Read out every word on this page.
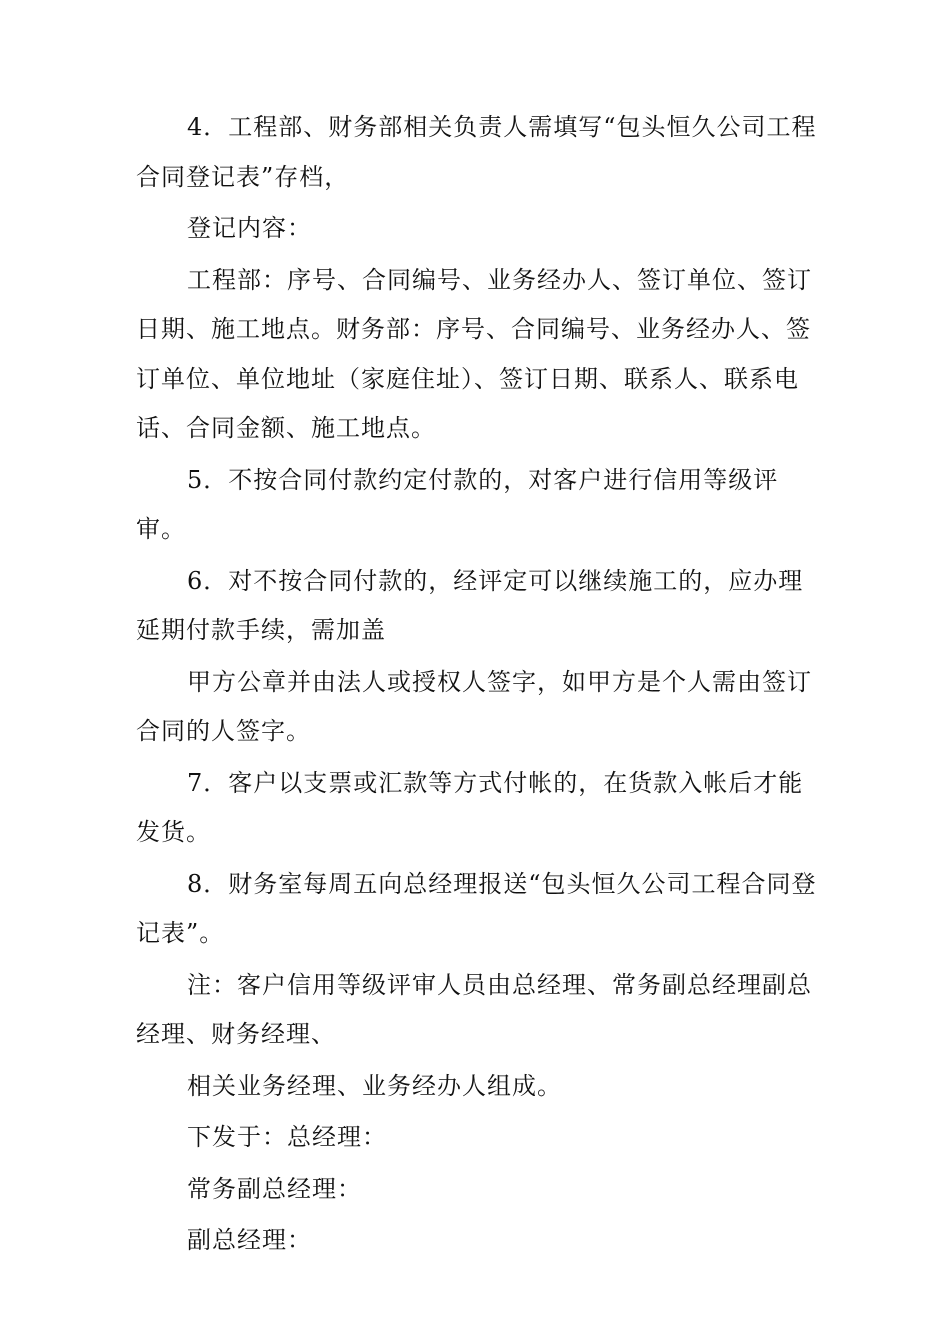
4．工程部、财务部相关负责人需填写“包头恒久公司工程合同登记表”存档，

登记内容：

工程部：序号、合同编号、业务经办人、签订单位、签订日期、施工地点。财务部：序号、合同编号、业务经办人、签订单位、单位地址（家庭住址）、签订日期、联系人、联系电话、合同金额、施工地点。

5．不按合同付款约定付款的，对客户进行信用等级评审。

6．对不按合同付款的，经评定可以继续施工的，应办理延期付款手续，需加盖

甲方公章并由法人或授权人签字，如甲方是个人需由签订合同的人签字。

7．客户以支票或汇款等方式付帐的，在货款入帐后才能发货。

8．财务室每周五向总经理报送“包头恒久公司工程合同登记表”。

注：客户信用等级评审人员由总经理、常务副总经理副总经理、财务经理、

相关业务经理、业务经办人组成。

下发于：总经理：

常务副总经理：

副总经理：
